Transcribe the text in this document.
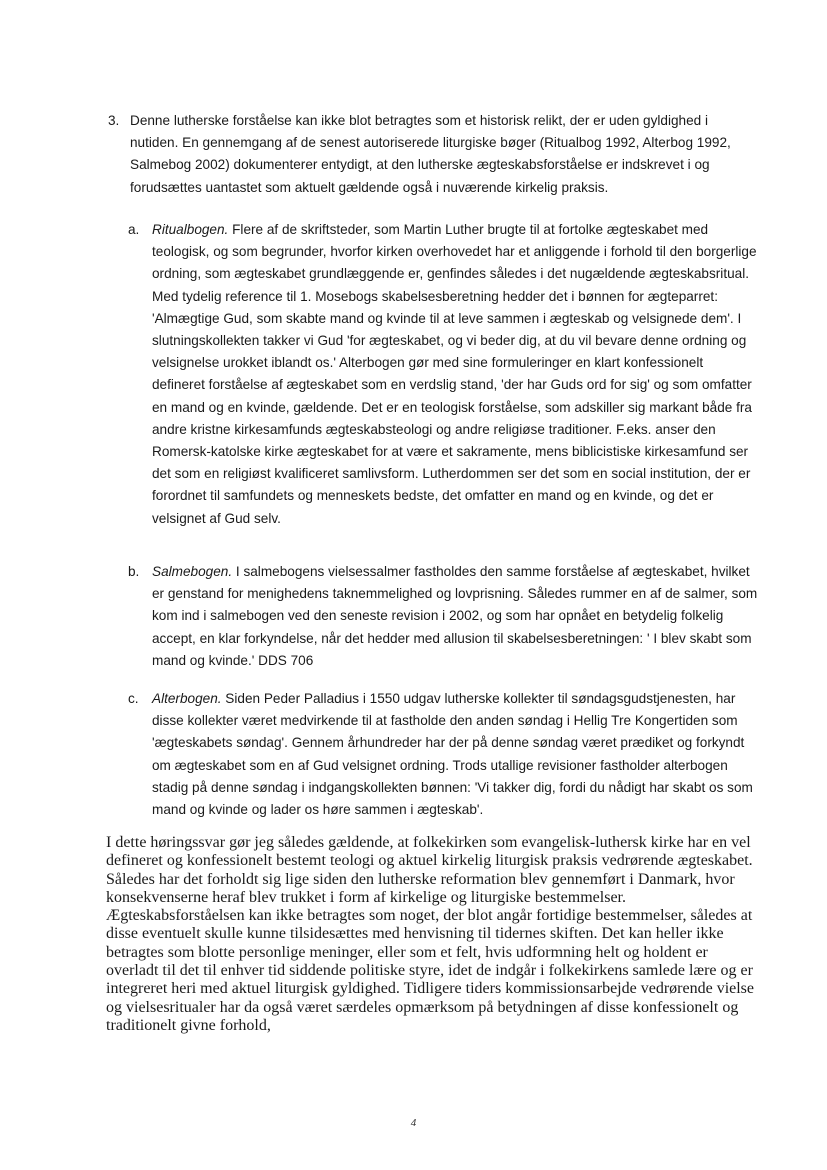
3. Denne lutherske forståelse kan ikke blot betragtes som et historisk relikt, der er uden gyldighed i nutiden. En gennemgang af de senest autoriserede liturgiske bøger (Ritualbog 1992, Alterbog 1992, Salmebog 2002) dokumenterer entydigt, at den lutherske ægteskabsforståelse er indskrevet i og forudsættes uantastet som aktuelt gældende også i nuværende kirkelig praksis.

a. Ritualbogen. Flere af de skriftsteder, som Martin Luther brugte til at fortolke ægteskabet med teologisk, og som begrunder, hvorfor kirken overhovedet har et anliggende i forhold til den borgerlige ordning, som ægteskabet grundlæggende er, genfindes således i det nugældende ægteskabsritual. Med tydelig reference til 1. Mosebogs skabelsesberetning hedder det i bønnen for ægteparret: 'Almægtige Gud, som skabte mand og kvinde til at leve sammen i ægteskab og velsignede dem'. I slutningskollekten takker vi Gud 'for ægteskabet, og vi beder dig, at du vil bevare denne ordning og velsignelse urokket iblandt os.' Alterbogen gør med sine formuleringer en klart konfessionelt defineret forståelse af ægteskabet som en verdslig stand, 'der har Guds ord for sig' og som omfatter en mand og en kvinde, gældende. Det er en teologisk forståelse, som adskiller sig markant både fra andre kristne kirkesamfunds ægteskabsteologi og andre religiøse traditioner. F.eks. anser den Romersk-katolske kirke ægteskabet for at være et sakramente, mens biblicistiske kirkesamfund ser det som en religiøst kvalificeret samlivsform. Lutherdommen ser det som en social institution, der er forordnet til samfundets og menneskets bedste, det omfatter en mand og en kvinde, og det er velsignet af Gud selv.

b. Salmebogen. I salmebogens vielsessalmer fastholdes den samme forståelse af ægteskabet, hvilket er genstand for menighedens taknemmelighed og lovprisning. Således rummer en af de salmer, som kom ind i salmebogen ved den seneste revision i 2002, og som har opnået en betydelig folkelig accept, en klar forkyndelse, når det hedder med allusion til skabelsesberetningen: ' I blev skabt som mand og kvinde.' DDS 706

c. Alterbogen. Siden Peder Palladius i 1550 udgav lutherske kollekter til søndagsgudstjenesten, har disse kollekter været medvirkende til at fastholde den anden søndag i Hellig Tre Kongertiden som 'ægteskabets søndag'. Gennem århundreder har der på denne søndag været prædiket og forkyndt om ægteskabet som en af Gud velsignet ordning. Trods utallige revisioner fastholder alterbogen stadig på denne søndag i indgangskollekten bønnen: 'Vi takker dig, fordi du nådigt har skabt os som mand og kvinde og lader os høre sammen i ægteskab'.

I dette høringssvar gør jeg således gældende, at folkekirken som evangelisk-luthersk kirke har en vel defineret og konfessionelt bestemt teologi og aktuel kirkelig liturgisk praksis vedrørende ægteskabet. Således har det forholdt sig lige siden den lutherske reformation blev gennemført i Danmark, hvor konsekvenserne heraf blev trukket i form af kirkelige og liturgiske bestemmelser. Ægteskabsforståelsen kan ikke betragtes som noget, der blot angår fortidige bestemmelser, således at disse eventuelt skulle kunne tilsidesættes med henvisning til tidernes skiften. Det kan heller ikke betragtes som blotte personlige meninger, eller som et felt, hvis udformning helt og holdent er overladt til det til enhver tid siddende politiske styre, idet de indgår i folkekirkens samlede lære og er integreret heri med aktuel liturgisk gyldighed. Tidligere tiders kommissionsarbejde vedrørende vielse og vielsesritualer har da også været særdeles opmærksom på betydningen af disse konfessionelt og traditionelt givne forhold,

4
